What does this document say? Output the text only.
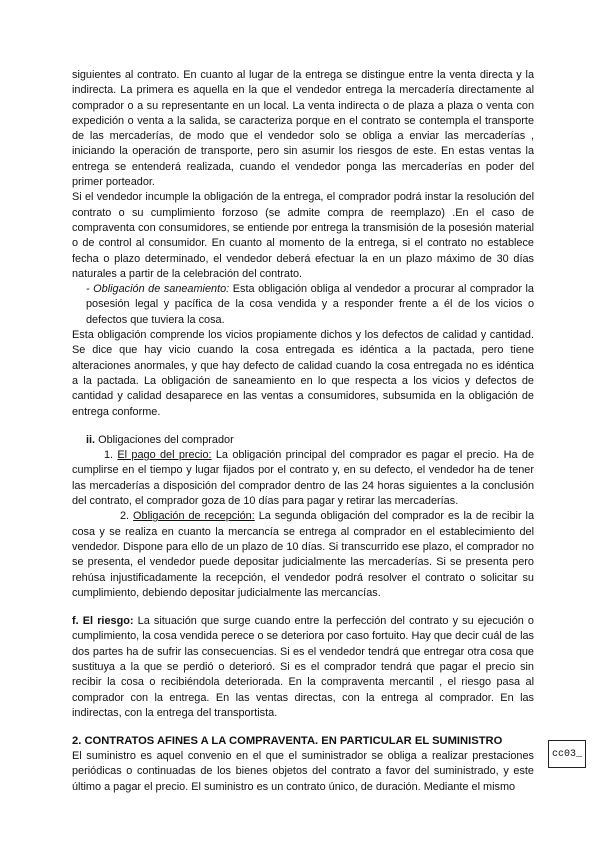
siguientes al contrato. En cuanto al lugar de la entrega se distingue entre la venta directa y la indirecta. La primera es aquella en la que el vendedor entrega la mercadería directamente al comprador o a su representante en un local. La venta indirecta o de plaza a plaza o venta con expedición o venta a la salida, se caracteriza porque en el contrato se contempla el transporte de las mercaderías, de modo que el vendedor solo se obliga a enviar las mercaderías , iniciando la operación de transporte, pero sin asumir los riesgos de este. En estas ventas la entrega se entenderá realizada, cuando el vendedor ponga las mercaderías en poder del primer porteador.

Si el vendedor incumple la obligación de la entrega, el comprador podrá instar la resolución del contrato o su cumplimiento forzoso (se admite compra de reemplazo) .En el caso de compraventa con consumidores, se entiende por entrega la transmisión de la posesión material o de control al consumidor. En cuanto al momento de la entrega, si el contrato no establece fecha o plazo determinado, el vendedor deberá efectuar la en un plazo máximo de 30 días naturales a partir de la celebración del contrato.

- Obligación de saneamiento: Esta obligación obliga al vendedor a procurar al comprador la posesión legal y pacífica de la cosa vendida y a responder frente a él de los vicios o defectos que tuviera la cosa.

Esta obligación comprende los vicios propiamente dichos y los defectos de calidad y cantidad. Se dice que hay vicio cuando la cosa entregada es idéntica a la pactada, pero tiene alteraciones anormales, y que hay defecto de calidad cuando la cosa entregada no es idéntica a la pactada. La obligación de saneamiento en lo que respecta a los vicios y defectos de cantidad y calidad desaparece en las ventas a consumidores, subsumida en la obligación de entrega conforme.

ii. Obligaciones del comprador

1. El pago del precio: La obligación principal del comprador es pagar el precio. Ha de cumplirse en el tiempo y lugar fijados por el contrato y, en su defecto, el vendedor ha de tener las mercaderías a disposición del comprador dentro de las 24 horas siguientes a la conclusión del contrato, el comprador goza de 10 días para pagar y retirar las mercaderías.

2. Obligación de recepción: La segunda obligación del comprador es la de recibir la cosa y se realiza en cuanto la mercancía se entrega al comprador en el establecimiento del vendedor. Dispone para ello de un plazo de 10 días. Si transcurrido ese plazo, el comprador no se presenta, el vendedor puede depositar judicialmente las mercaderías. Si se presenta pero rehúsa injustificadamente la recepción, el vendedor podrá resolver el contrato o solicitar su cumplimiento, debiendo depositar judicialmente las mercancías.

f. El riesgo: La situación que surge cuando entre la perfección del contrato y su ejecución o cumplimiento, la cosa vendida perece o se deteriora por caso fortuito. Hay que decir cuál de las dos partes ha de sufrir las consecuencias. Si es el vendedor tendrá que entregar otra cosa que sustituya a la que se perdió o deterioró. Si es el comprador tendrá que pagar el precio sin recibir la cosa o recibiéndola deteriorada. En la compraventa mercantil , el riesgo pasa al comprador con la entrega. En las ventas directas, con la entrega al comprador. En las indirectas, con la entrega del transportista.

2. CONTRATOS AFINES A LA COMPRAVENTA. EN PARTICULAR EL SUMINISTRO

El suministro es aquel convenio en el que el suministrador se obliga a realizar prestaciones periódicas o continuadas de los bienes objetos del contrato a favor del suministrado, y este último a pagar el precio. El suministro es un contrato único, de duración. Mediante el mismo

cc03_
